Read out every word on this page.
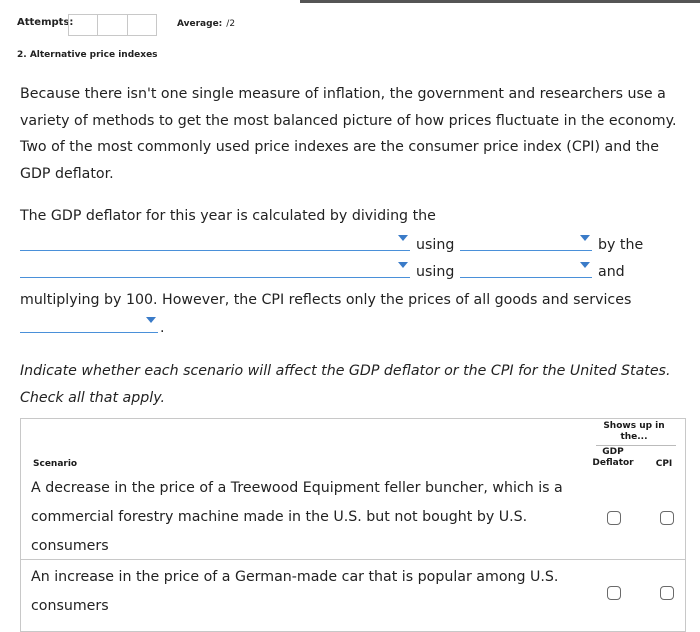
Attempts:	Average: /2
2. Alternative price indexes
Because there isn't one single measure of inflation, the government and researchers use a variety of methods to get the most balanced picture of how prices fluctuate in the economy. Two of the most commonly used price indexes are the consumer price index (CPI) and the GDP deflator.
The GDP deflator for this year is calculated by dividing the
using	by the
using	and
multiplying by 100. However, the CPI reflects only the prices of all goods and services
.
Indicate whether each scenario will affect the GDP deflator or the CPI for the United States. Check all that apply.
Shows up in the...
GDP Deflator	CPI
Scenario
A decrease in the price of a Treewood Equipment feller buncher, which is a commercial forestry machine made in the U.S. but not bought by U.S. consumers
An increase in the price of a German-made car that is popular among U.S. consumers
